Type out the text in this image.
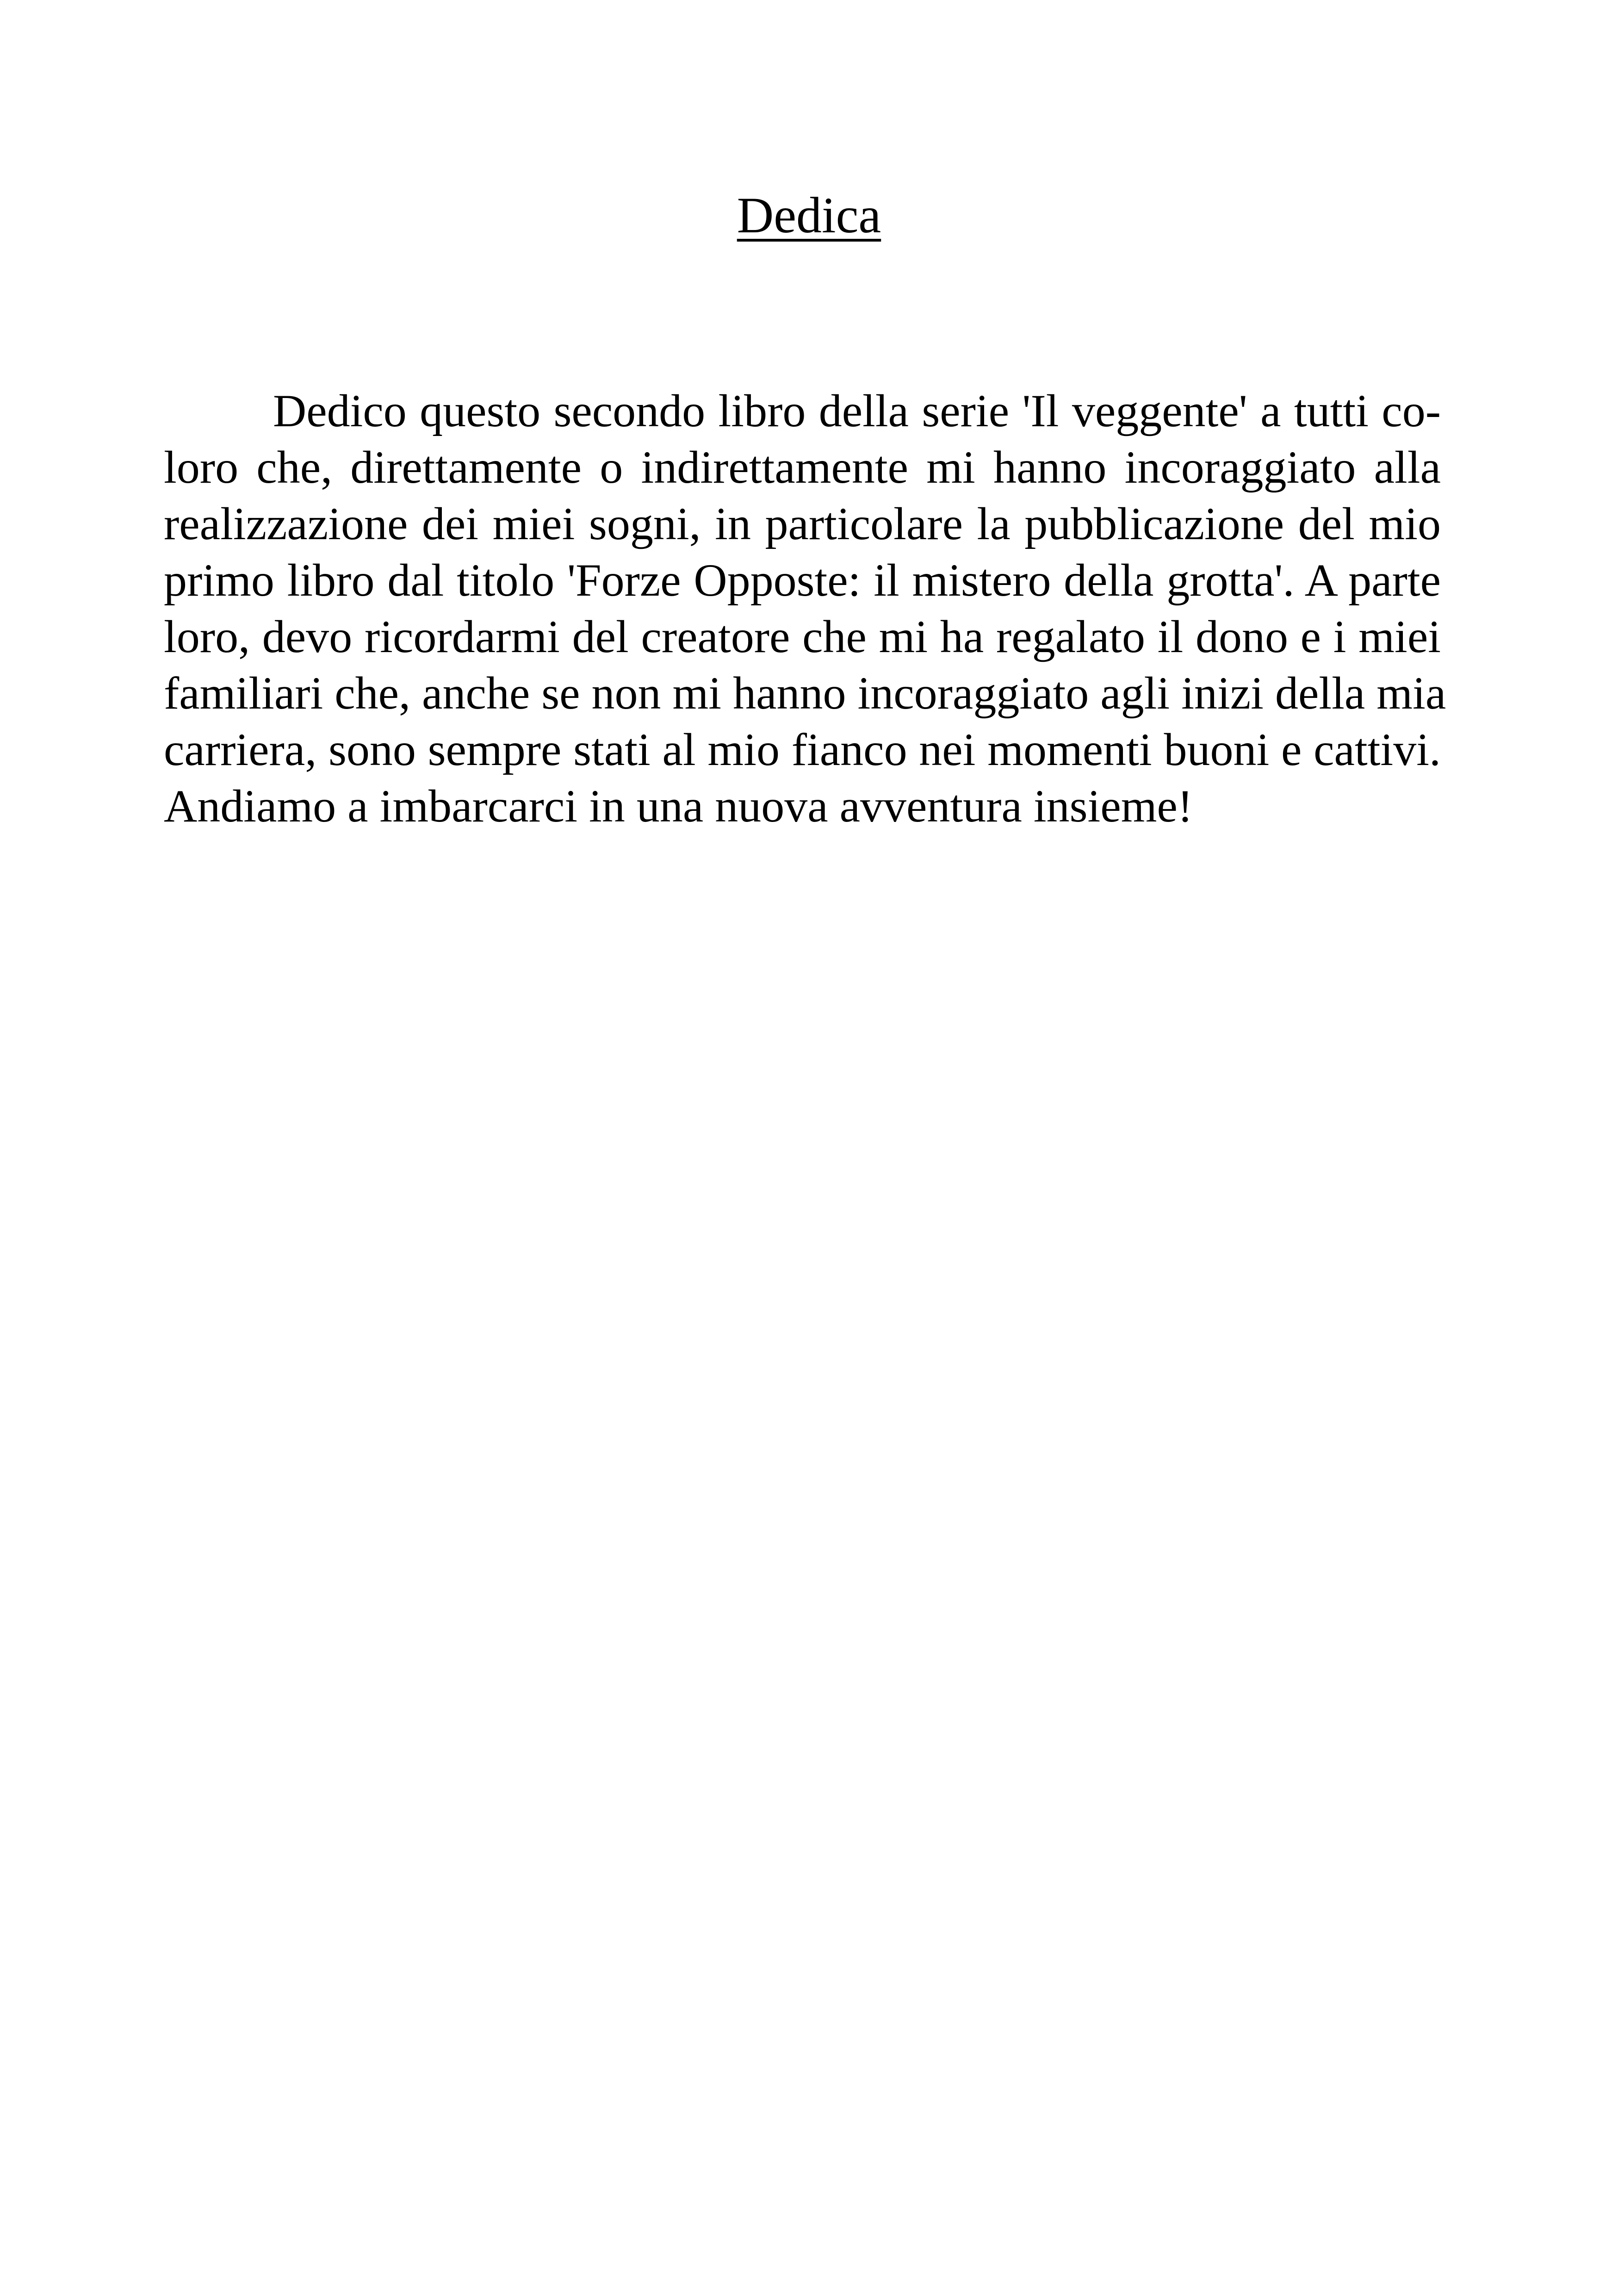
Dedica
Dedico questo secondo libro della serie 'Il veggente' a tutti co-
loro che, direttamente o indirettamente mi hanno incoraggiato alla
realizzazione dei miei sogni, in particolare la pubblicazione del mio
primo libro dal titolo 'Forze Opposte: il mistero della grotta'. A parte
loro, devo ricordarmi del creatore che mi ha regalato il dono e i miei
familiari che, anche se non mi hanno incoraggiato agli inizi della mia
carriera, sono sempre stati al mio fianco nei momenti buoni e cattivi.
Andiamo a imbarcarci in una nuova avventura insieme!
